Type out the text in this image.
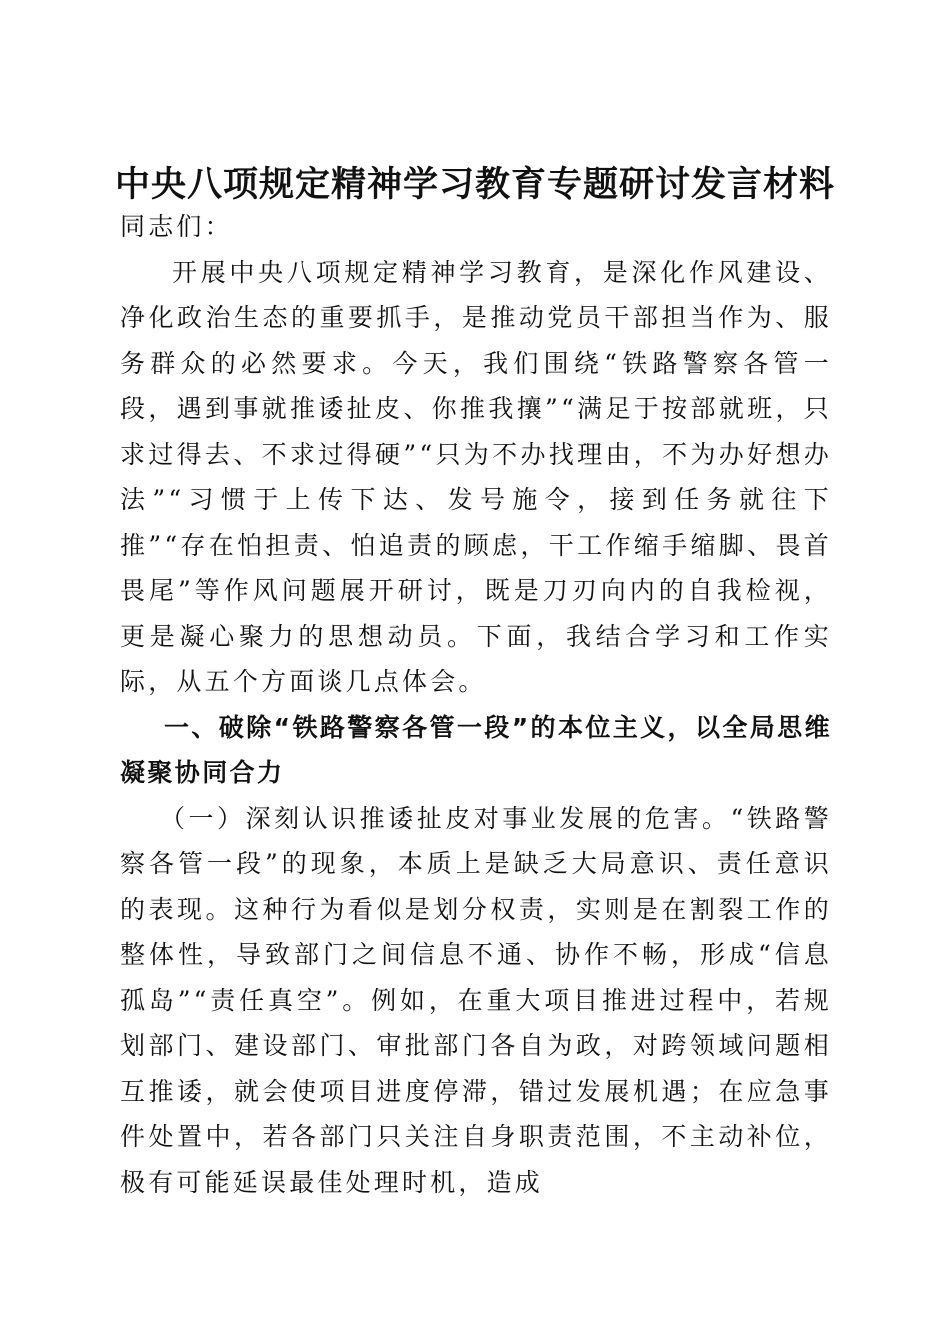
中央八项规定精神学习教育专题研讨发言材料

同志们：

开展中央八项规定精神学习教育，是深化作风建设、净化政治生态的重要抓手，是推动党员干部担当作为、服务群众的必然要求。今天，我们围绕“铁路警察各管一段，遇到事就推诿扯皮、你推我攘”“满足于按部就班，只求过得去、不求过得硬”“只为不办找理由，不为办好想办法”“习惯于上传下达、发号施令，接到任务就往下推”“存在怕担责、怕追责的顾虑，干工作缩手缩脚、畏首畏尾”等作风问题展开研讨，既是刀刃向内的自我检视，更是凝心聚力的思想动员。下面，我结合学习和工作实际，从五个方面谈几点体会。

一、破除“铁路警察各管一段”的本位主义，以全局思维凝聚协同合力

（一）深刻认识推诿扯皮对事业发展的危害。“铁路警察各管一段”的现象，本质上是缺乏大局意识、责任意识的表现。这种行为看似是划分权责，实则是在割裂工作的整体性，导致部门之间信息不通、协作不畅，形成“信息孤岛”“责任真空”。例如，在重大项目推进过程中，若规划部门、建设部门、审批部门各自为政，对跨领域问题相互推诿，就会使项目进度停滞，错过发展机遇；在应急事件处置中，若各部门只关注自身职责范围，不主动补位，极有可能延误最佳处理时机，造成
